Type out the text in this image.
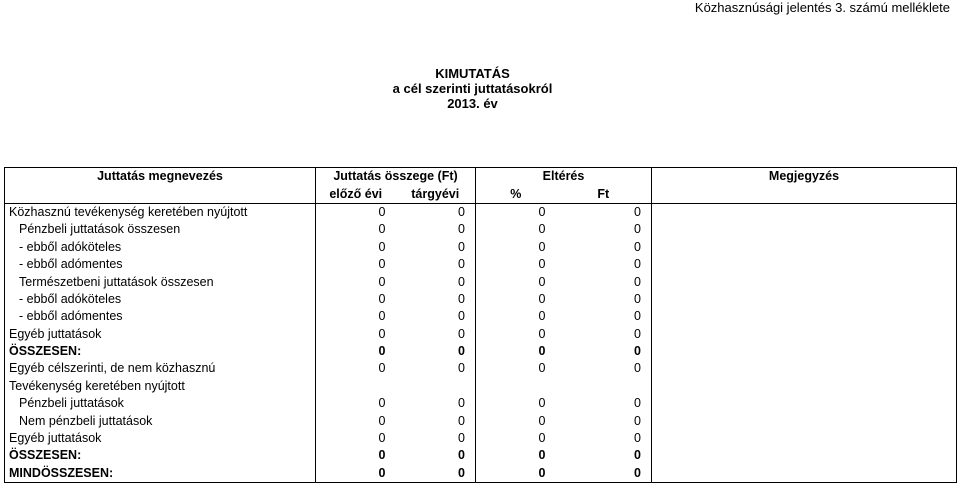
Közhasznúsági jelentés 3. számú melléklete
KIMUTATÁS
a cél szerinti juttatásokról
2013. év
Juttatás megnevezés	Juttatás összege (Ft)		Eltérés		Megjegyzés
	előző évi	tárgyévi	%	Ft	
Közhasznú tevékenység keretében nyújtott	0	0	0	0	
Pénzbeli juttatások összesen	0	0	0	0	
- ebből adóköteles	0	0	0	0	
- ebből adómentes	0	0	0	0	
Természetbeni juttatások összesen	0	0	0	0	
- ebből adóköteles	0	0	0	0	
- ebből adómentes	0	0	0	0	
Egyéb juttatások	0	0	0	0	
ÖSSZESEN:	0	0	0	0	
Egyéb célszerinti, de nem közhasznú	0	0	0	0	
Tevékenység keretében nyújtott					
Pénzbeli juttatások	0	0	0	0	
Nem pénzbeli juttatások	0	0	0	0	
Egyéb juttatások	0	0	0	0	
ÖSSZESEN:	0	0	0	0	
MINDÖSSZESEN:	0	0	0	0	
